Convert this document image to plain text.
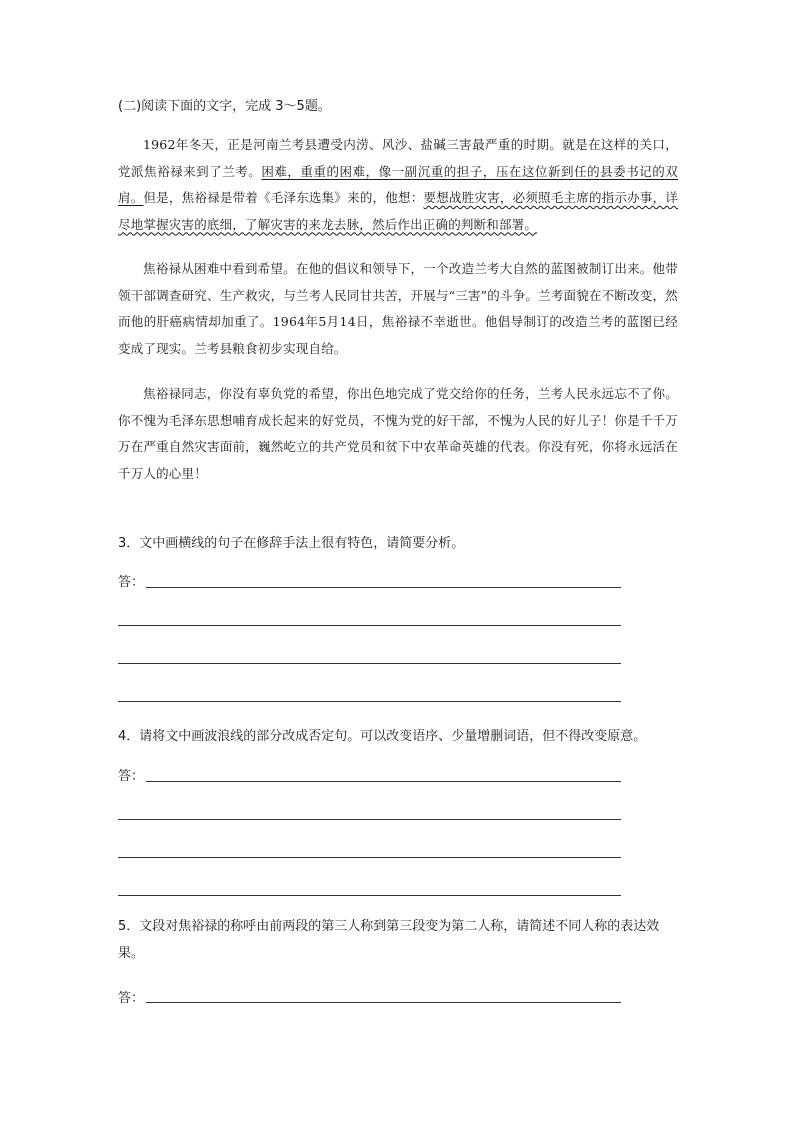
(二)阅读下面的文字，完成 3～5题。

1962年冬天，正是河南兰考县遭受内涝、风沙、盐碱三害最严重的时期。就是在这样的关口，党派焦裕禄来到了兰考。困难，重重的困难，像一副沉重的担子，压在这位新到任的县委书记的双肩。但是，焦裕禄是带着《毛泽东选集》来的，他想：要想战胜灾害，必须照毛主席的指示办事，详尽地掌握灾害的底细，了解灾害的来龙去脉，然后作出正确的判断和部署。

焦裕禄从困难中看到希望。在他的倡议和领导下，一个改造兰考大自然的蓝图被制订出来。他带领干部调查研究、生产救灾，与兰考人民同甘共苦，开展与“三害”的斗争。兰考面貌在不断改变，然而他的肝癌病情却加重了。1964年5月14日，焦裕禄不幸逝世。他倡导制订的改造兰考的蓝图已经变成了现实。兰考县粮食初步实现自给。

焦裕禄同志，你没有辜负党的希望，你出色地完成了党交给你的任务，兰考人民永远忘不了你。你不愧为毛泽东思想哺育成长起来的好党员，不愧为党的好干部，不愧为人民的好儿子！你是千千万万在严重自然灾害面前，巍然屹立的共产党员和贫下中农革命英雄的代表。你没有死，你将永远活在千万人的心里！

3．文中画横线的句子在修辞手法上很有特色，请简要分析。
答：
4．请将文中画波浪线的部分改成否定句。可以改变语序、少量增删词语，但不得改变原意。
答：
5．文段对焦裕禄的称呼由前两段的第三人称到第三段变为第二人称，请简述不同人称的表达效果。
答：
